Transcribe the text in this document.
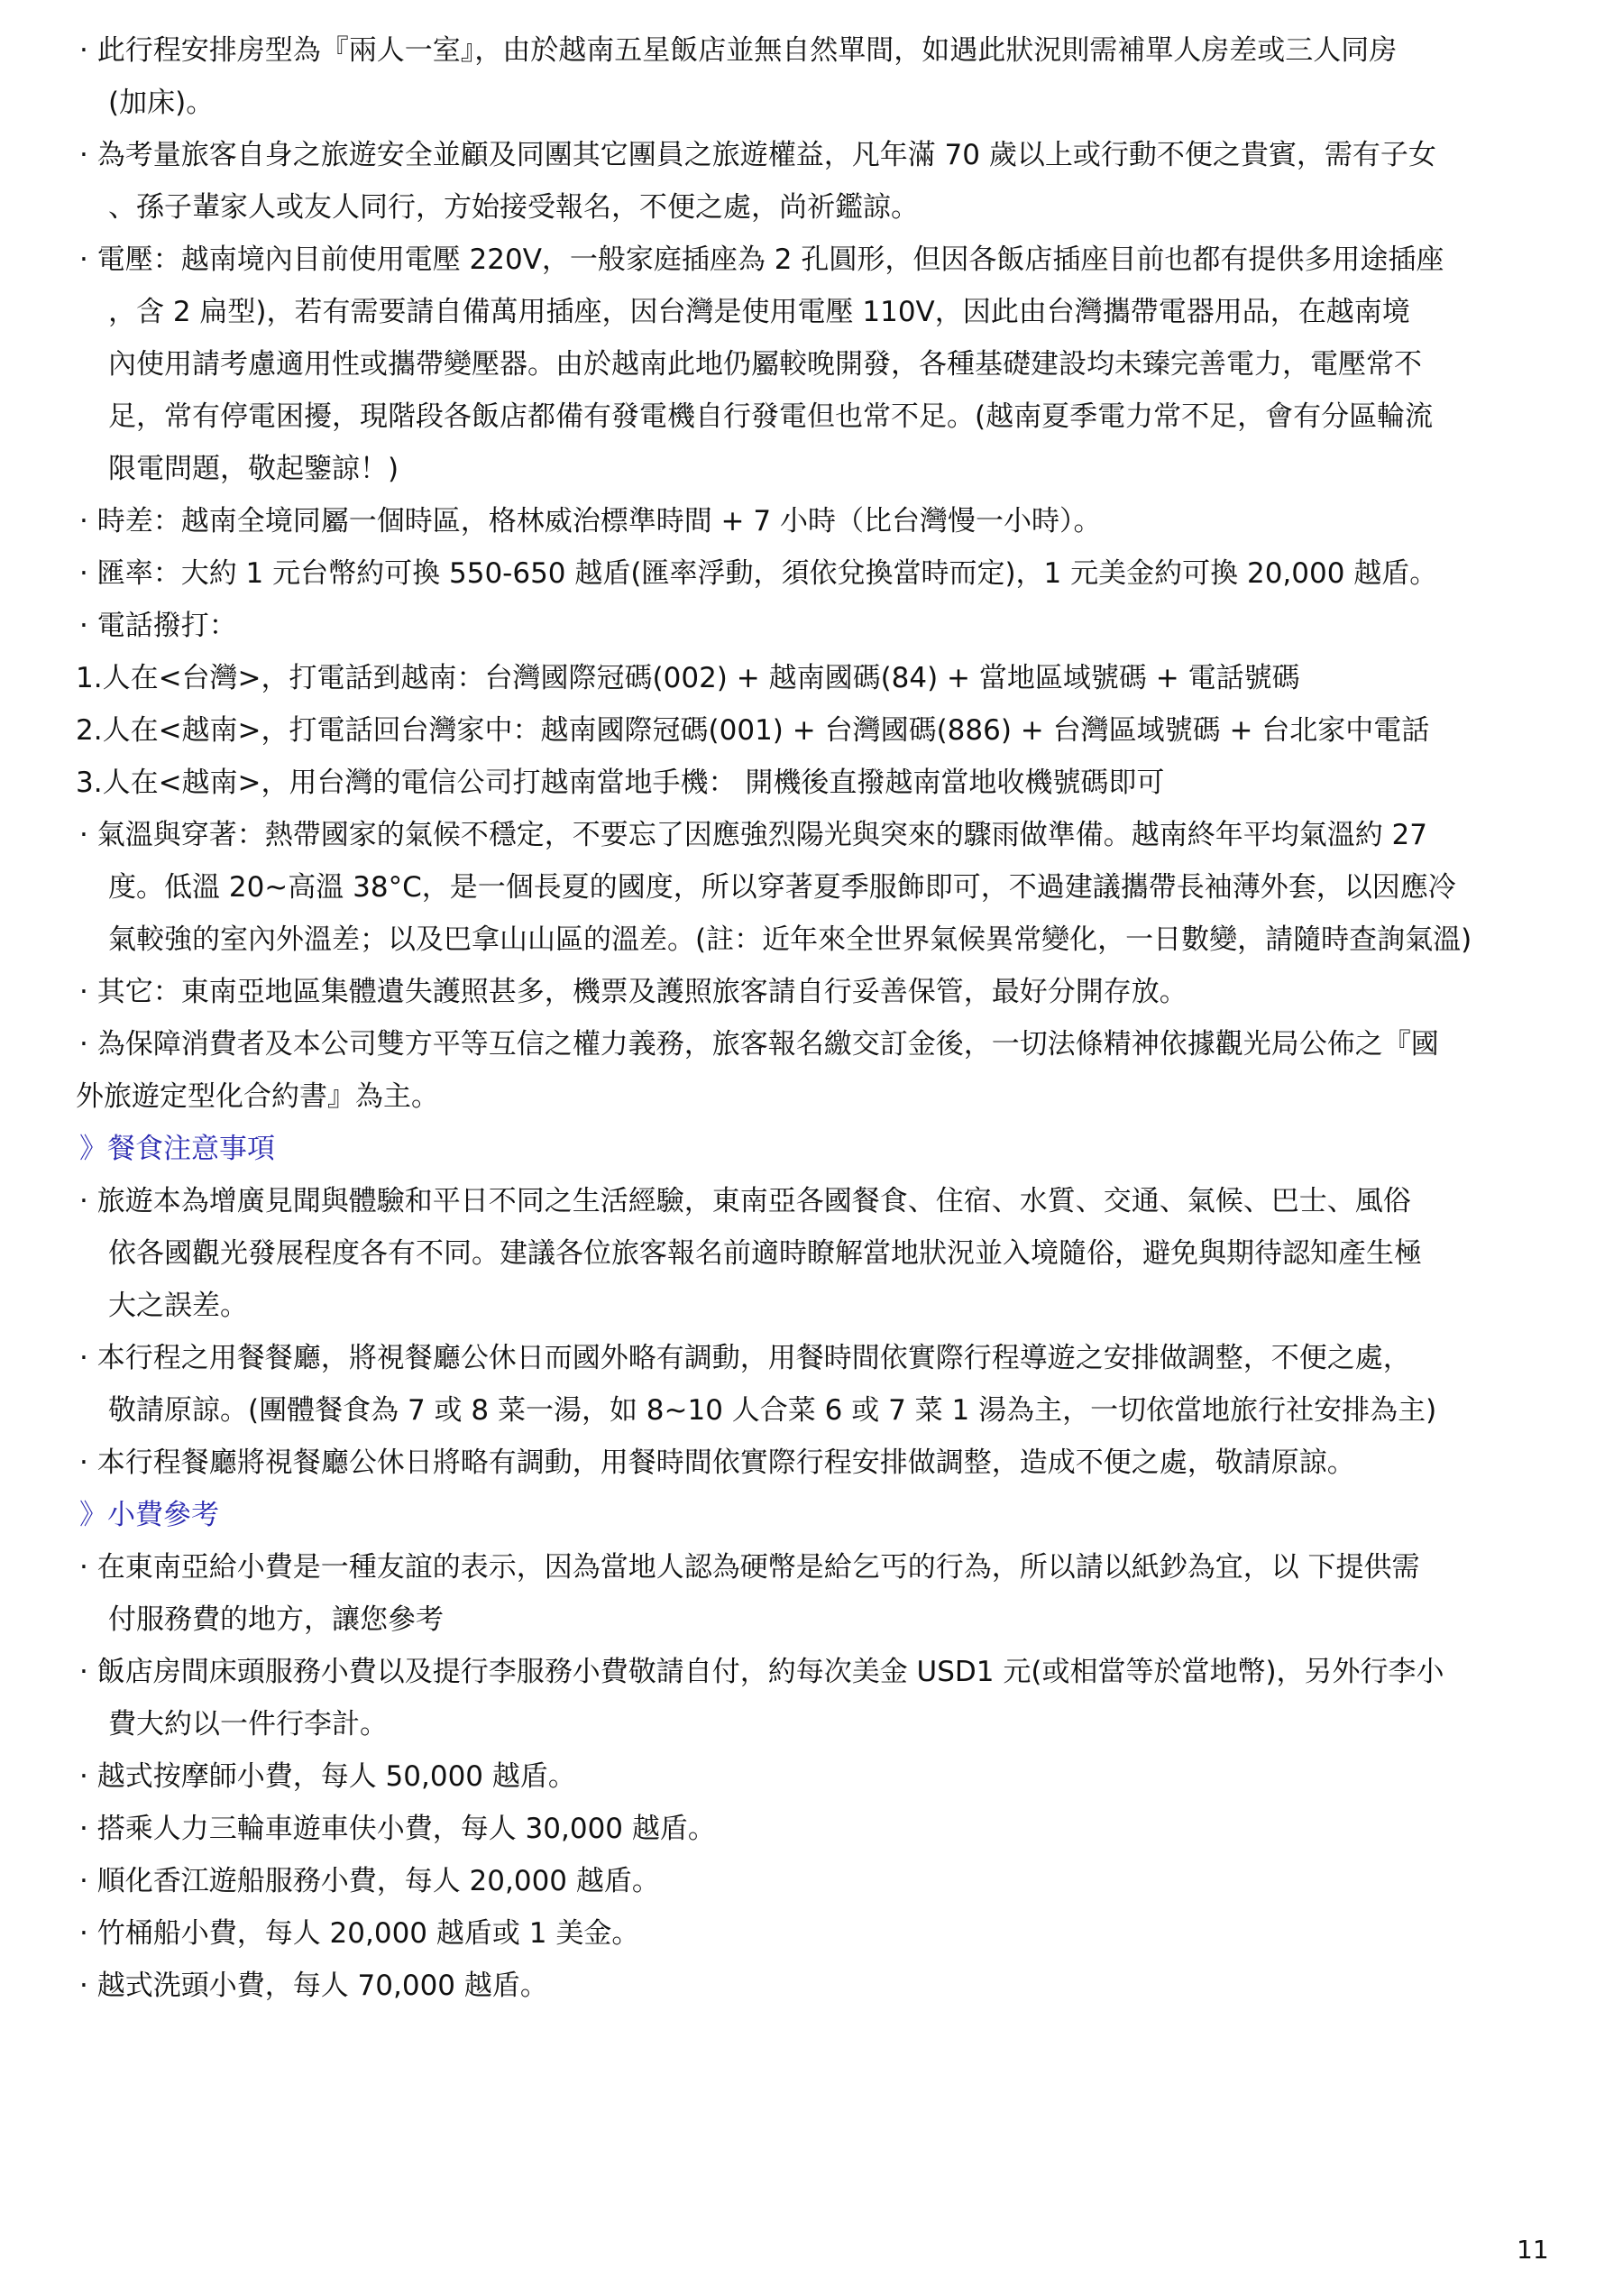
· 此行程安排房型為『兩人一室』，由於越南五星飯店並無自然單間，如遇此狀況則需補單人房差或三人同房
(加床)。
· 為考量旅客自身之旅遊安全並顧及同團其它團員之旅遊權益，凡年滿 70 歲以上或行動不便之貴賓，需有子女
、孫子輩家人或友人同行，方始接受報名，不便之處，尚祈鑑諒。
· 電壓：越南境內目前使用電壓 220V，一般家庭插座為 2 孔圓形，但因各飯店插座目前也都有提供多用途插座
，含 2 扁型)，若有需要請自備萬用插座，因台灣是使用電壓 110V，因此由台灣攜帶電器用品，在越南境
內使用請考慮適用性或攜帶變壓器。由於越南此地仍屬較晚開發，各種基礎建設均未臻完善電力，電壓常不
足，常有停電困擾，現階段各飯店都備有發電機自行發電但也常不足。(越南夏季電力常不足，會有分區輪流
限電問題，敬起鑒諒！)
· 時差：越南全境同屬一個時區，格林威治標準時間 + 7 小時（比台灣慢一小時）。
· 匯率：大約 1 元台幣約可換 550-650 越盾(匯率浮動，須依兌換當時而定)，1 元美金約可換 20,000 越盾。
· 電話撥打：
1.人在<台灣>，打電話到越南：台灣國際冠碼(002) + 越南國碼(84) + 當地區域號碼 + 電話號碼
2.人在<越南>，打電話回台灣家中：越南國際冠碼(001) + 台灣國碼(886) + 台灣區域號碼 + 台北家中電話
3.人在<越南>，用台灣的電信公司打越南當地手機： 開機後直撥越南當地收機號碼即可
· 氣溫與穿著：熱帶國家的氣候不穩定，不要忘了因應強烈陽光與突來的驟雨做準備。越南終年平均氣溫約 27
度。低溫 20~高溫 38°C，是一個長夏的國度，所以穿著夏季服飾即可，不過建議攜帶長袖薄外套，以因應冷
氣較強的室內外溫差；以及巴拿山山區的溫差。(註：近年來全世界氣候異常變化，一日數變，請隨時查詢氣溫)
· 其它：東南亞地區集體遺失護照甚多，機票及護照旅客請自行妥善保管，最好分開存放。
· 為保障消費者及本公司雙方平等互信之權力義務，旅客報名繳交訂金後，一切法條精神依據觀光局公佈之『國
外旅遊定型化合約書』為主。
》餐食注意事項
· 旅遊本為增廣見聞與體驗和平日不同之生活經驗，東南亞各國餐食、住宿、水質、交通、氣候、巴士、風俗
依各國觀光發展程度各有不同。建議各位旅客報名前適時瞭解當地狀況並入境隨俗，避免與期待認知產生極
大之誤差。
· 本行程之用餐餐廳，將視餐廳公休日而國外略有調動，用餐時間依實際行程導遊之安排做調整，不便之處，
敬請原諒。(團體餐食為 7 或 8 菜一湯，如 8~10 人合菜 6 或 7 菜 1 湯為主，一切依當地旅行社安排為主)
· 本行程餐廳將視餐廳公休日將略有調動，用餐時間依實際行程安排做調整，造成不便之處，敬請原諒。
》小費參考
· 在東南亞給小費是一種友誼的表示，因為當地人認為硬幣是給乞丐的行為，所以請以紙鈔為宜，以 下提供需
付服務費的地方，讓您參考
· 飯店房間床頭服務小費以及提行李服務小費敬請自付，約每次美金 USD1 元(或相當等於當地幣)，另外行李小
費大約以一件行李計。
· 越式按摩師小費，每人 50,000 越盾。
· 搭乘人力三輪車遊車伕小費，每人 30,000 越盾。
· 順化香江遊船服務小費，每人 20,000 越盾。
· 竹桶船小費，每人 20,000 越盾或 1 美金。
· 越式洗頭小費，每人 70,000 越盾。
11
